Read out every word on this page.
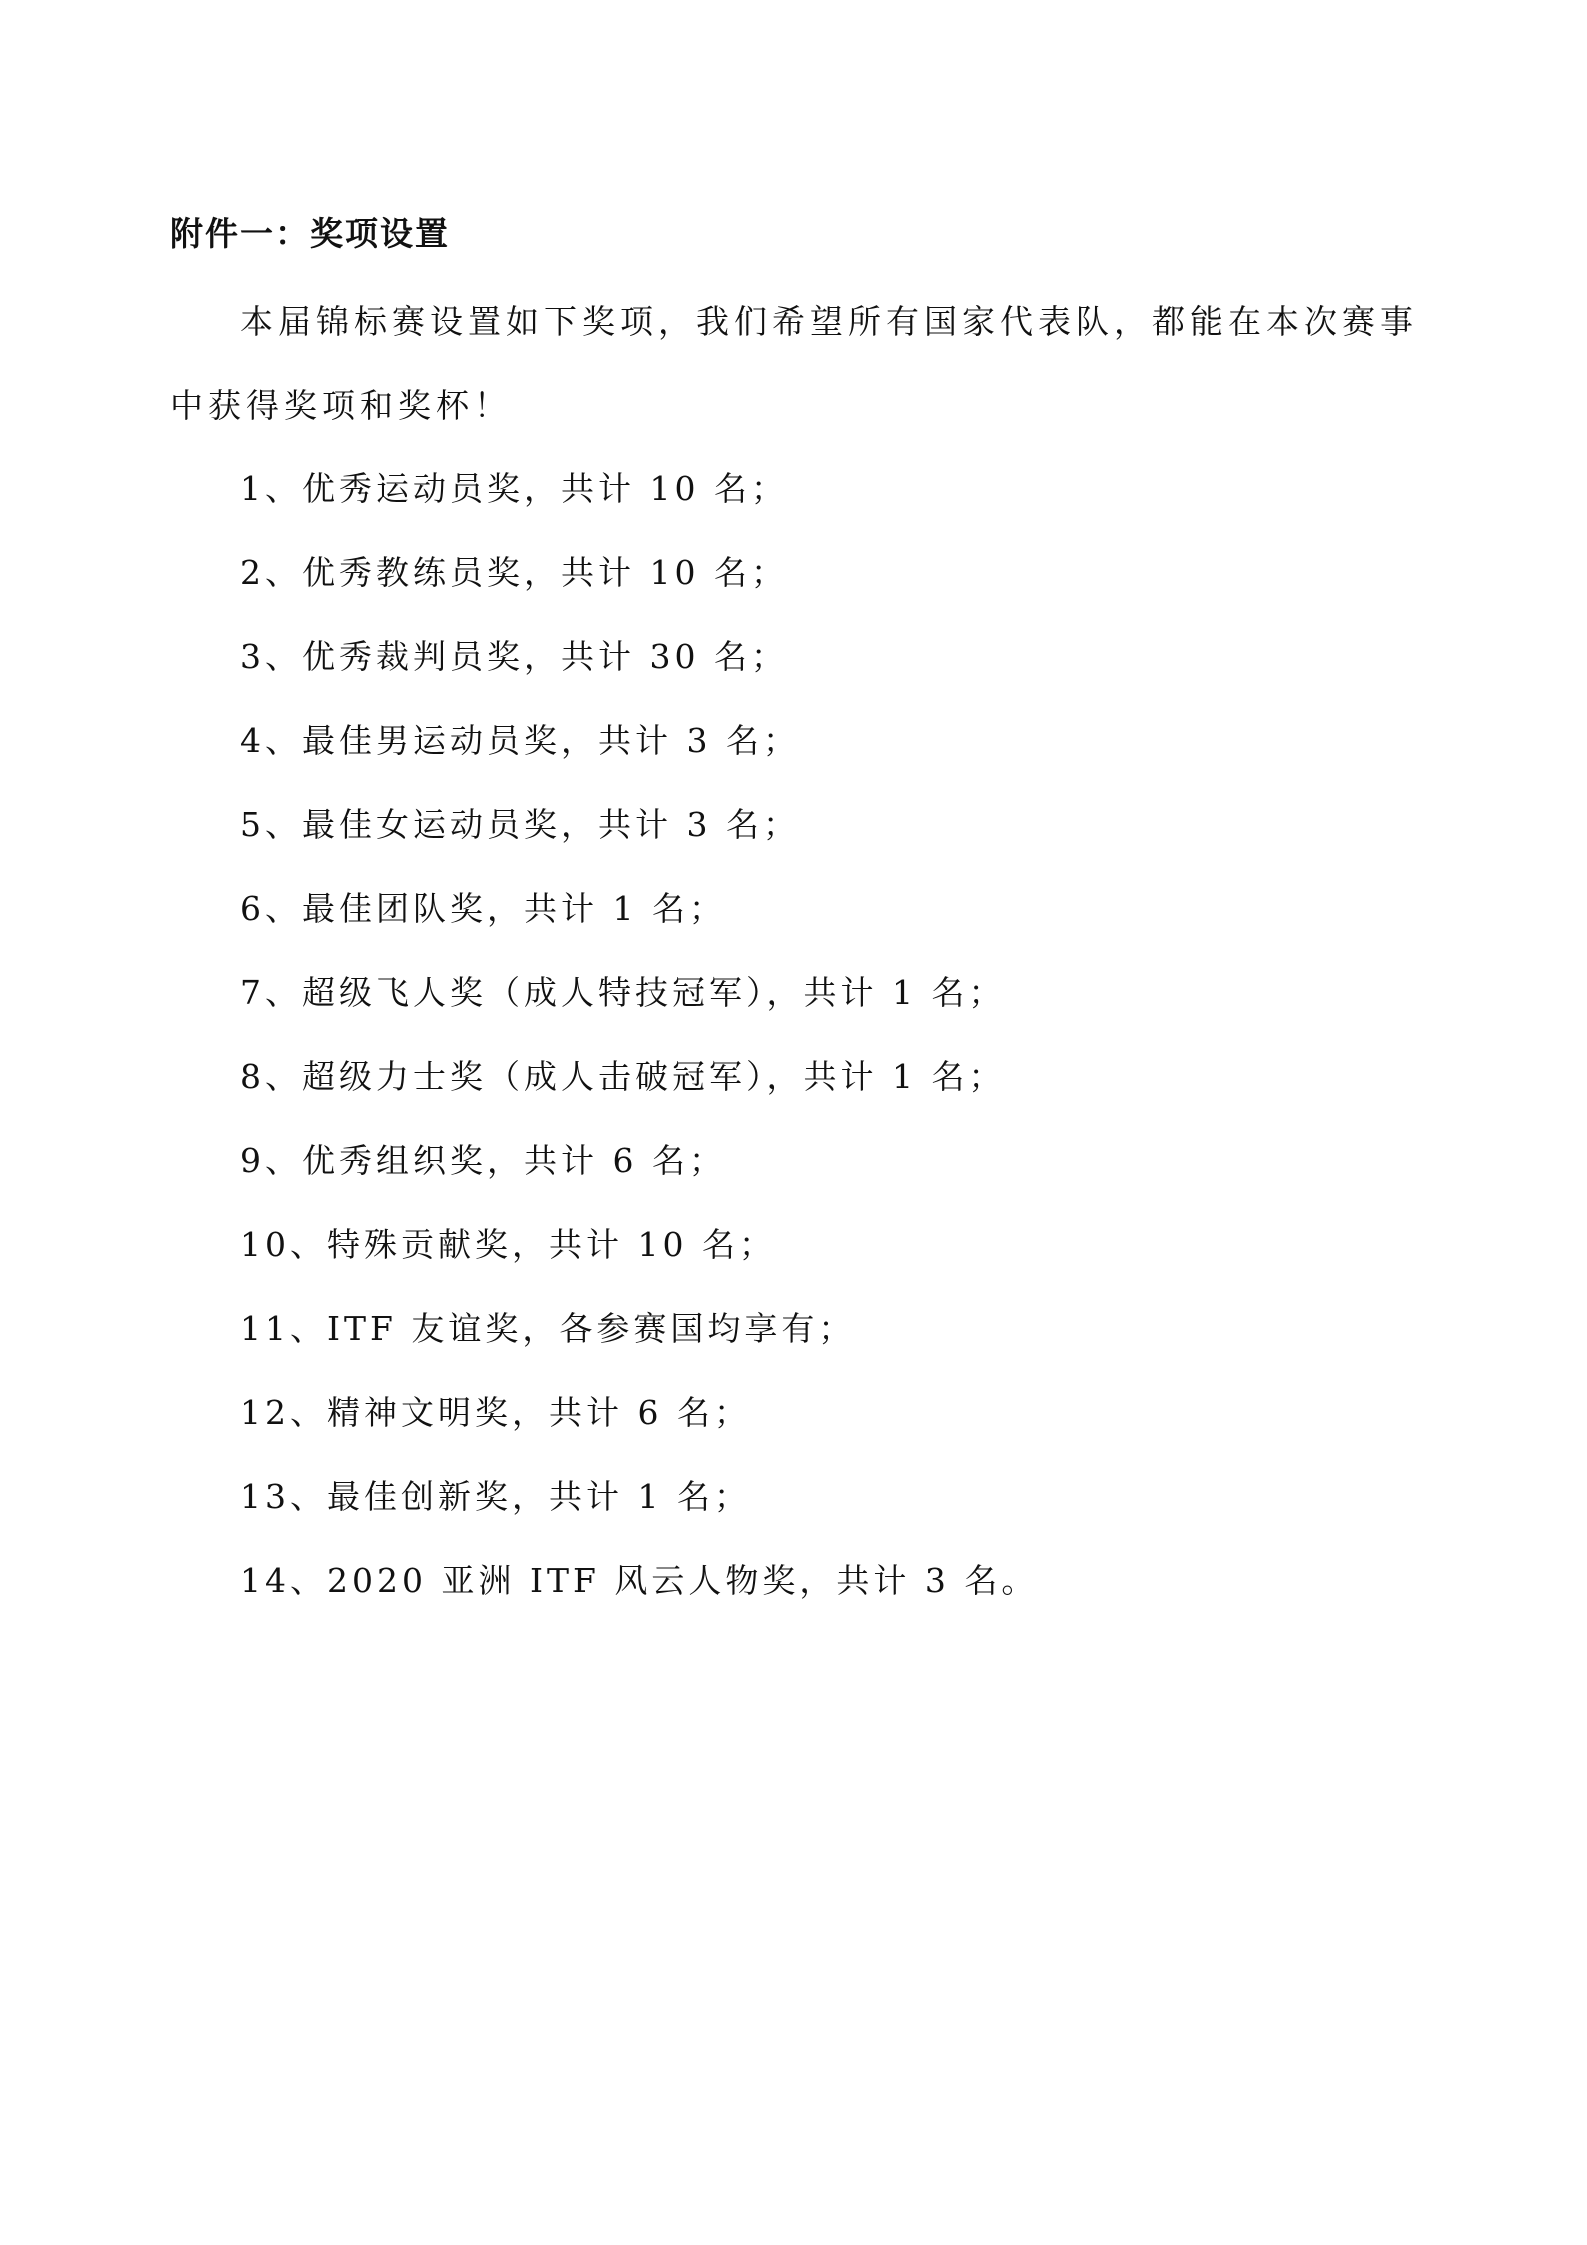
附件一：奖项设置

本届锦标赛设置如下奖项，我们希望所有国家代表队，都能在本次赛事中获得奖项和奖杯！

1、优秀运动员奖，共计 10 名；
2、优秀教练员奖，共计 10 名；
3、优秀裁判员奖，共计 30 名；
4、最佳男运动员奖，共计 3 名；
5、最佳女运动员奖，共计 3 名；
6、最佳团队奖，共计 1 名；
7、超级飞人奖（成人特技冠军），共计 1 名；
8、超级力士奖（成人击破冠军），共计 1 名；
9、优秀组织奖，共计 6 名；
10、特殊贡献奖，共计 10 名；
11、ITF 友谊奖，各参赛国均享有；
12、精神文明奖，共计 6 名；
13、最佳创新奖，共计 1 名；
14、2020 亚洲 ITF 风云人物奖，共计 3 名。
